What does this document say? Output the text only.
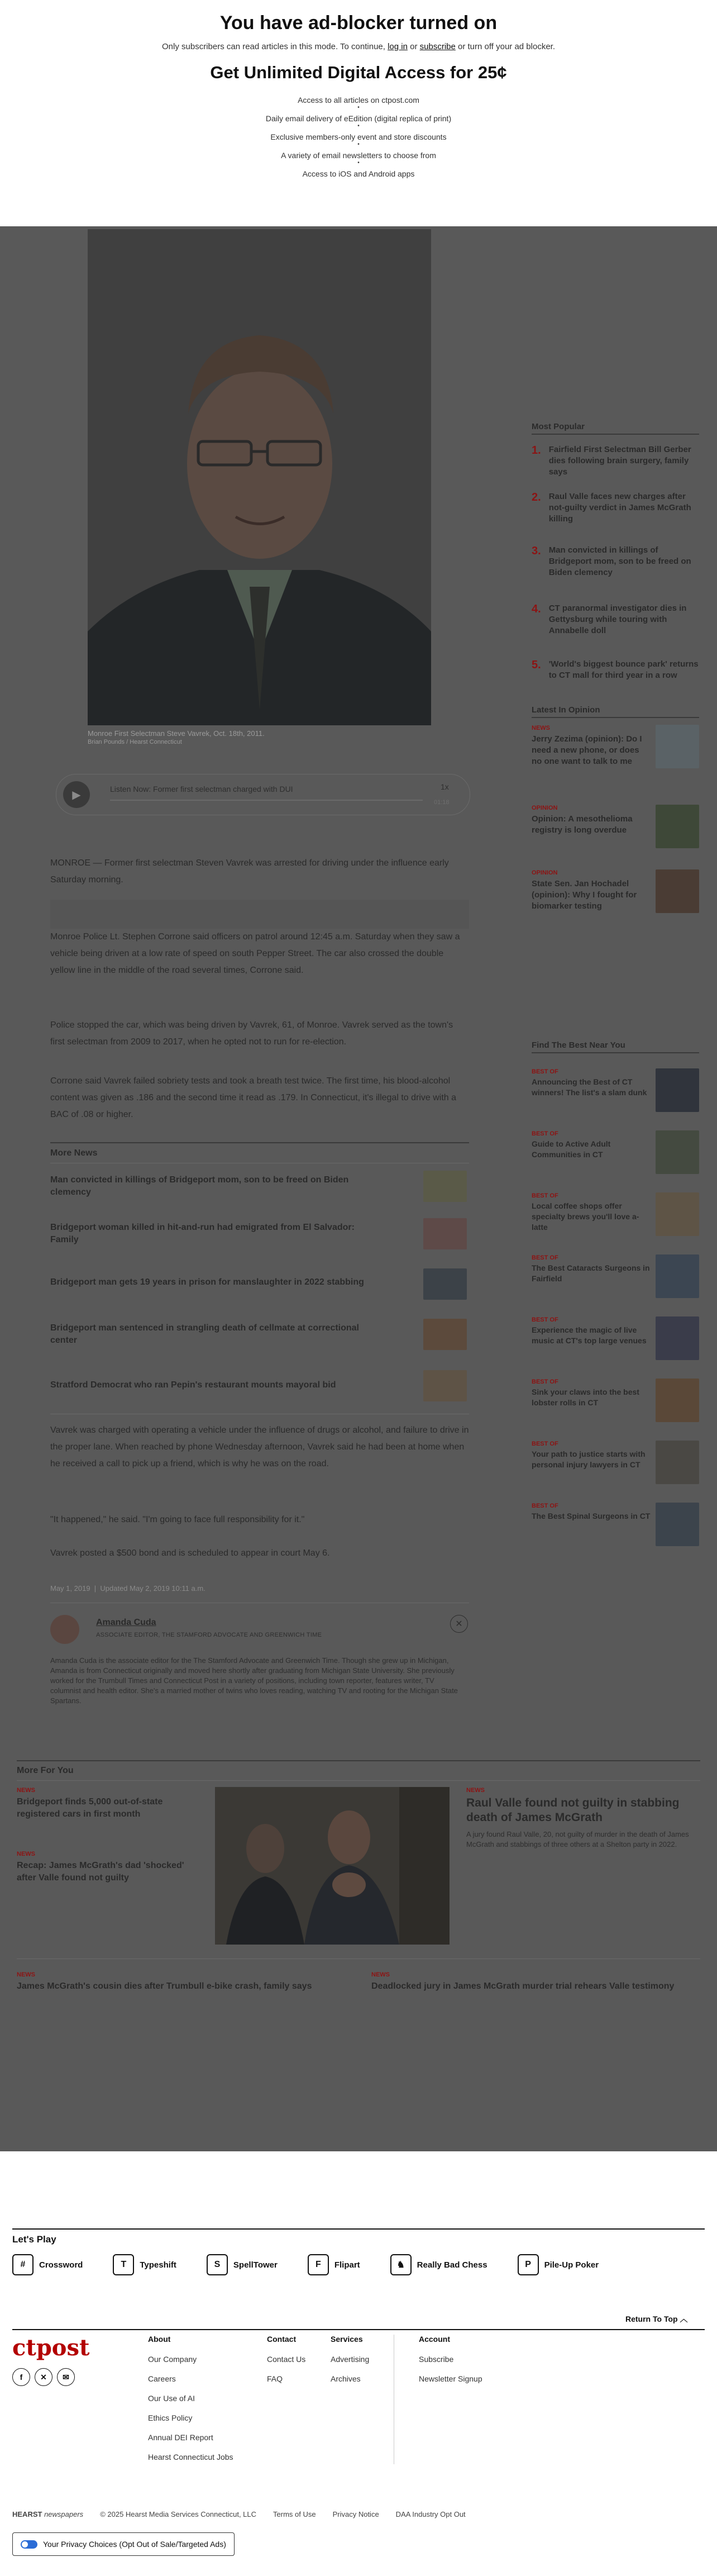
You have ad-blocker turned on
Only subscribers can read articles in this mode. To continue, log in or subscribe or turn off your ad blocker.
Get Unlimited Digital Access for 25¢
Access to all articles on ctpost.com
•
Daily email delivery of eEdition (digital replica of print)
•
Exclusive members-only event and store discounts
•
A variety of email newsletters to choose from
•
Access to iOS and Android apps
Monroe First Selectman Steve Vavrek, Oct. 18th, 2011.
Brian Pounds / Hearst Connecticut
▶	Listen Now: Former first selectman charged with DUI	1x
01:18
MONROE — Former first selectman Steven Vavrek was arrested for driving under the influence early Saturday morning.
Monroe Police Lt. Stephen Corrone said officers on patrol around 12:45 a.m. Saturday when they saw a vehicle being driven at a low rate of speed on south Pepper Street. The car also crossed the double yellow line in the middle of the road several times, Corrone said.
Police stopped the car, which was being driven by Vavrek, 61, of Monroe. Vavrek served as the town's first selectman from 2009 to 2017, when he opted not to run for re-election.
Corrone said Vavrek failed sobriety tests and took a breath test twice. The first time, his blood-alcohol content was given as .186 and the second time it read as .179. In Connecticut, it's illegal to drive with a BAC of .08 or higher.
More News
Man convicted in killings of Bridgeport mom, son to be freed on Biden clemency
Bridgeport woman killed in hit-and-run had emigrated from El Salvador: Family
Bridgeport man gets 19 years in prison for manslaughter in 2022 stabbing
Bridgeport man sentenced in strangling death of cellmate at correctional center
Stratford Democrat who ran Pepin's restaurant mounts mayoral bid
Vavrek was charged with operating a vehicle under the influence of drugs or alcohol, and failure to drive in the proper lane. When reached by phone Wednesday afternoon, Vavrek said he had been at home when he received a call to pick up a friend, which is why he was on the road.
"It happened," he said. "I'm going to face full responsibility for it."
Vavrek posted a $500 bond and is scheduled to appear in court May 6.
May 1, 2019  |  Updated May 2, 2019 10:11 a.m.
Amanda Cuda
ASSOCIATE EDITOR, THE STAMFORD ADVOCATE AND GREENWICH TIME
✕
Amanda Cuda is the associate editor for the The Stamford Advocate and Greenwich Time. Though she grew up in Michigan, Amanda is from Connecticut originally and moved here shortly after graduating from Michigan State University. She previously worked for the Trumbull Times and Connecticut Post in a variety of positions, including town reporter, features writer, TV columnist and health editor. She's a married mother of twins who loves reading, watching TV and rooting for the Michigan State Spartans.
Most Popular
1. Fairfield First Selectman Bill Gerber dies following brain surgery, family says
2. Raul Valle faces new charges after not-guilty verdict in James McGrath killing
3. Man convicted in killings of Bridgeport mom, son to be freed on Biden clemency
4. CT paranormal investigator dies in Gettysburg while touring with Annabelle doll
5. 'World's biggest bounce park' returns to CT mall for third year in a row
Latest In Opinion
NEWS
Jerry Zezima (opinion): Do I need a new phone, or does no one want to talk to me
OPINION
Opinion: A mesothelioma registry is long overdue
OPINION
State Sen. Jan Hochadel (opinion): Why I fought for biomarker testing
Find The Best Near You
BEST OF
Announcing the Best of CT winners! The list's a slam dunk
BEST OF
Guide to Active Adult Communities in CT
BEST OF
Local coffee shops offer specialty brews you'll love a-latte
BEST OF
The Best Cataracts Surgeons in Fairfield
BEST OF
Experience the magic of live music at CT's top large venues
BEST OF
Sink your claws into the best lobster rolls in CT
BEST OF
Your path to justice starts with personal injury lawyers in CT
BEST OF
The Best Spinal Surgeons in CT
More For You
NEWS
Bridgeport finds 5,000 out-of-state registered cars in first month
NEWS
Recap: James McGrath's dad 'shocked' after Valle found not guilty
NEWS
Raul Valle found not guilty in stabbing death of James McGrath
A jury found Raul Valle, 20, not guilty of murder in the death of James McGrath and stabbings of three others at a Shelton party in 2022.
NEWS
James McGrath's cousin dies after Trumbull e-bike crash, family says
NEWS
Deadlocked jury in James McGrath murder trial rehears Valle testimony
Let's Play
#	Crossword	T	Typeshift	S	SpellTower	F	Flipart	♞	Really Bad Chess	P	Pile-Up Poker
Return To Top ︿
ctpost
f	✕	✉
About
Our Company
Careers
Our Use of AI
Ethics Policy
Annual DEI Report
Hearst Connecticut Jobs
Contact
Contact Us
FAQ
Services
Advertising
Archives
Account
Subscribe
Newsletter Signup
HEARST newspapers © 2025 Hearst Media Services Connecticut, LLC Terms of Use Privacy Notice DAA Industry Opt Out
Your Privacy Choices (Opt Out of Sale/Targeted Ads)
